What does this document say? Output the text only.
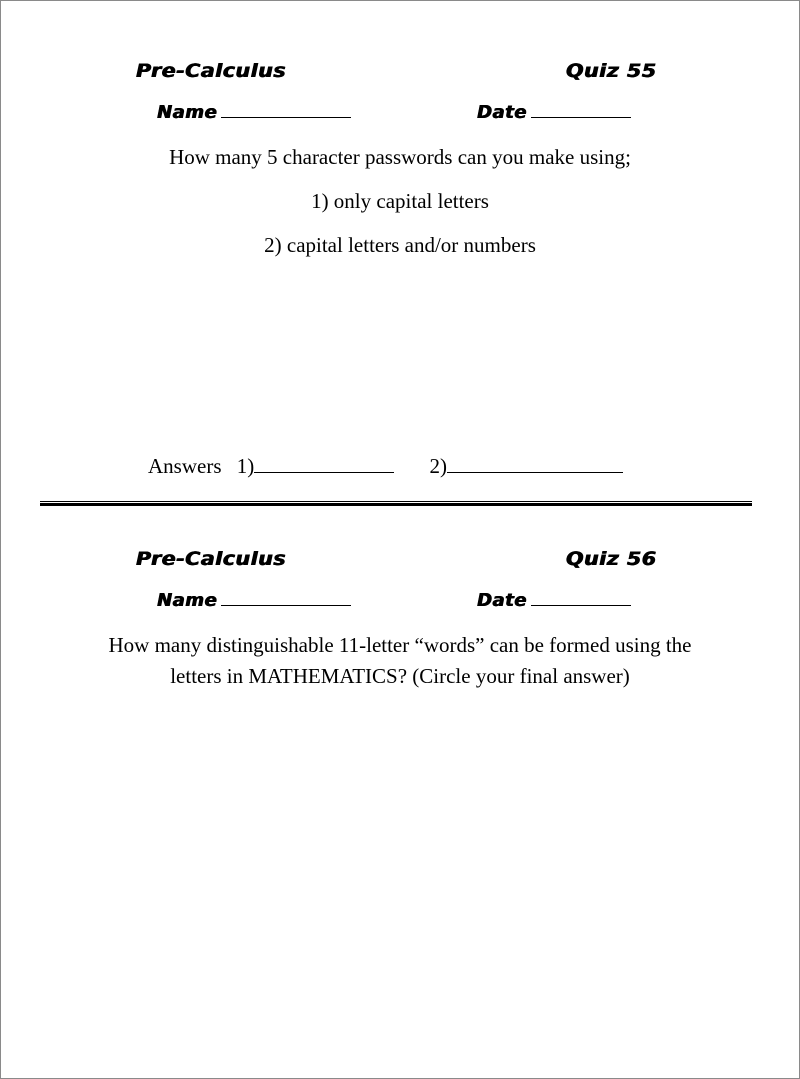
Pre-Calculus	Quiz 55
Name	Date
How many 5 character passwords can you make using;
1) only capital letters
2) capital letters and/or numbers
Answers 1)	2)
Pre-Calculus	Quiz 56
Name	Date
How many distinguishable 11-letter “words” can be formed using the
letters in MATHEMATICS? (Circle your final answer)
